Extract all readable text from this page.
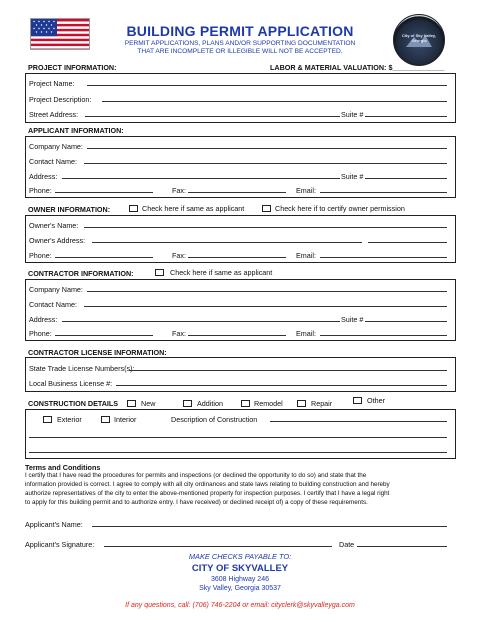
BUILDING PERMIT APPLICATION
PERMIT APPLICATIONS, PLANS AND/OR SUPPORTING DOCUMENTATION
THAT ARE INCOMPLETE OR ILLEGIBLE WILL NOT BE ACCEPTED.
City of Sky Valley, Georgia
PROJECT INFORMATION:	LABOR & MATERIAL VALUATION: $_____________
Project Name:
Project Description:
Street Address:	Suite #
APPLICANT INFORMATION:
Company Name:
Contact Name:
Address:	Suite #
Phone:	Fax:	Email:
OWNER INFORMATION:	Check here if same as applicant	Check here if to certify owner permission
Owner's Name:
Owner's Address:
Phone:	Fax:	Email:
CONTRACTOR INFORMATION:	Check here if same as applicant
Company Name:
Contact Name:
Address:	Suite #
Phone:	Fax:	Email:
CONTRACTOR LICENSE INFORMATION:
State Trade License Numbers(s):
Local Business License #:
CONSTRUCTION DETAILS	New	Addition	Remodel	Repair	Other
Exterior	Interior	Description of Construction
Terms and Conditions
I certify that I have read the procedures for permits and inspections (or declined the opportunity to do so) and state that the
information provided is correct. I agree to comply with all city ordinances and state laws relating to building construction and hereby
authorize representatives of the city to enter the above-mentioned property for inspection purposes. I certify that I have a legal right
to apply for this building permit and to authorize entry. I have received) or declined receipt of) a copy of these requirements.
Applicant's Name:
Applicant's Signature:	Date
MAKE CHECKS PAYABLE TO:
CITY OF SKYVALLEY
3608 Highway 246
Sky Valley, Georgia 30537
If any questions, call: (706) 746-2204 or email: cityclerk@skyvalleyga.com
